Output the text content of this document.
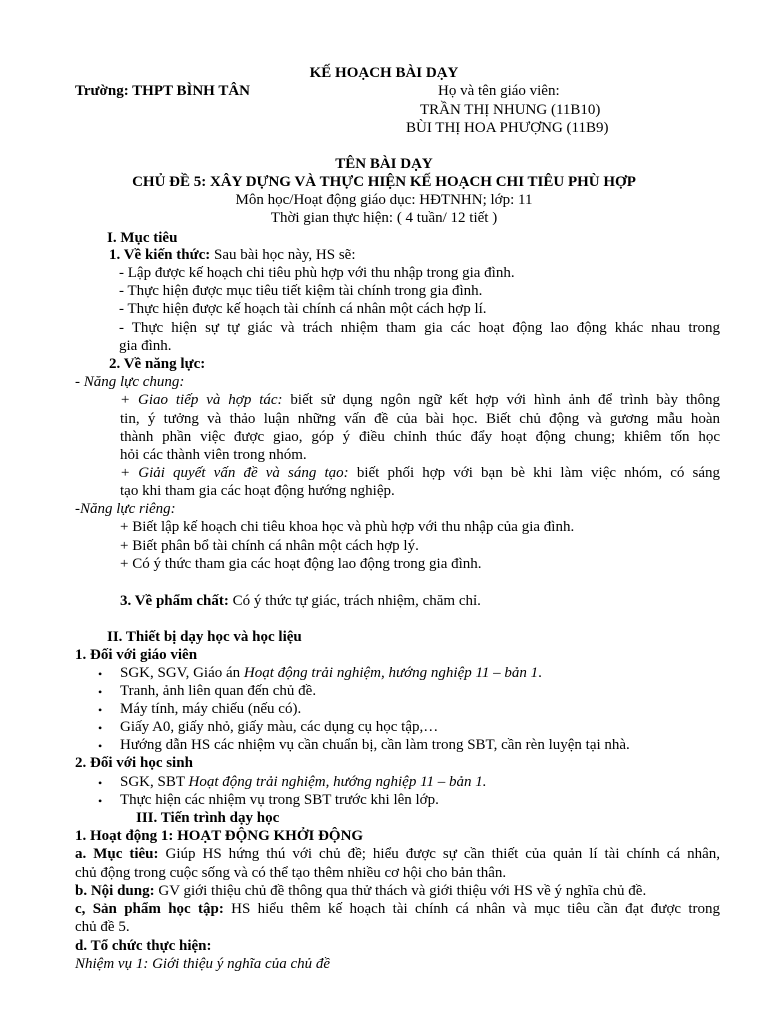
KẾ HOẠCH BÀI DẠY
Trường: THPT BÌNH TÂN	Họ và tên giáo viên:
TRẦN THỊ NHUNG (11B10)
BÙI THỊ HOA PHƯỢNG (11B9)
TÊN BÀI DẠY
CHỦ ĐỀ 5: XÂY DỰNG VÀ THỰC HIỆN KẾ HOẠCH CHI TIÊU PHÙ HỢP
Môn học/Hoạt động giáo dục: HĐTNHN; lớp: 11
Thời gian thực hiện: ( 4 tuần/ 12 tiết )
I. Mục tiêu
1. Về kiến thức: Sau bài học này, HS sẽ:
- Lập được kế hoạch chi tiêu phù hợp với thu nhập trong gia đình.
- Thực hiện được mục tiêu tiết kiệm tài chính trong gia đình.
- Thực hiện được kế hoạch tài chính cá nhân một cách hợp lí.
- Thực hiện sự tự giác và trách nhiệm tham gia các hoạt động lao động khác nhau trong
gia đình.
2. Về năng lực:
- Năng lực chung:
+ Giao tiếp và hợp tác: biết sử dụng ngôn ngữ kết hợp với hình ảnh để trình bày thông
tin, ý tưởng và thảo luận những vấn đề của bài học. Biết chủ động và gương mẫu hoàn
thành phần việc được giao, góp ý điều chỉnh thúc đẩy hoạt động chung; khiêm tốn học
hỏi các thành viên trong nhóm.
+ Giải quyết vấn đề và sáng tạo: biết phối hợp với bạn bè khi làm việc nhóm, có sáng
tạo khi tham gia các hoạt động hướng nghiệp.
-Năng lực riêng:
+ Biết lập kế hoạch chi tiêu khoa học và phù hợp với thu nhập của gia đình.
+ Biết phân bổ tài chính cá nhân một cách hợp lý.
+ Có ý thức tham gia các hoạt động lao động trong gia đình.
3. Về phẩm chất: Có ý thức tự giác, trách nhiệm, chăm chỉ.
II. Thiết bị dạy học và học liệu
1. Đối với giáo viên
• SGK, SGV, Giáo án Hoạt động trải nghiệm, hướng nghiệp 11 – bản 1.
• Tranh, ảnh liên quan đến chủ đề.
• Máy tính, máy chiếu (nếu có).
• Giấy A0, giấy nhỏ, giấy màu, các dụng cụ học tập,…
• Hướng dẫn HS các nhiệm vụ cần chuẩn bị, cần làm trong SBT, cần rèn luyện tại nhà.
2. Đối với học sinh
• SGK, SBT Hoạt động trải nghiệm, hướng nghiệp 11 – bản 1.
• Thực hiện các nhiệm vụ trong SBT trước khi lên lớp.
III. Tiến trình dạy học
1. Hoạt động 1: HOẠT ĐỘNG KHỞI ĐỘNG
a. Mục tiêu: Giúp HS hứng thú với chủ đề; hiểu được sự cần thiết của quản lí tài chính cá nhân,
chủ động trong cuộc sống và có thể tạo thêm nhiều cơ hội cho bản thân.
b. Nội dung: GV giới thiệu chủ đề thông qua thử thách và giới thiệu với HS về ý nghĩa chủ đề.
c, Sản phẩm học tập: HS hiểu thêm kế hoạch tài chính cá nhân và mục tiêu cần đạt được trong
chủ đề 5.
d. Tổ chức thực hiện:
Nhiệm vụ 1: Giới thiệu ý nghĩa của chủ đề
